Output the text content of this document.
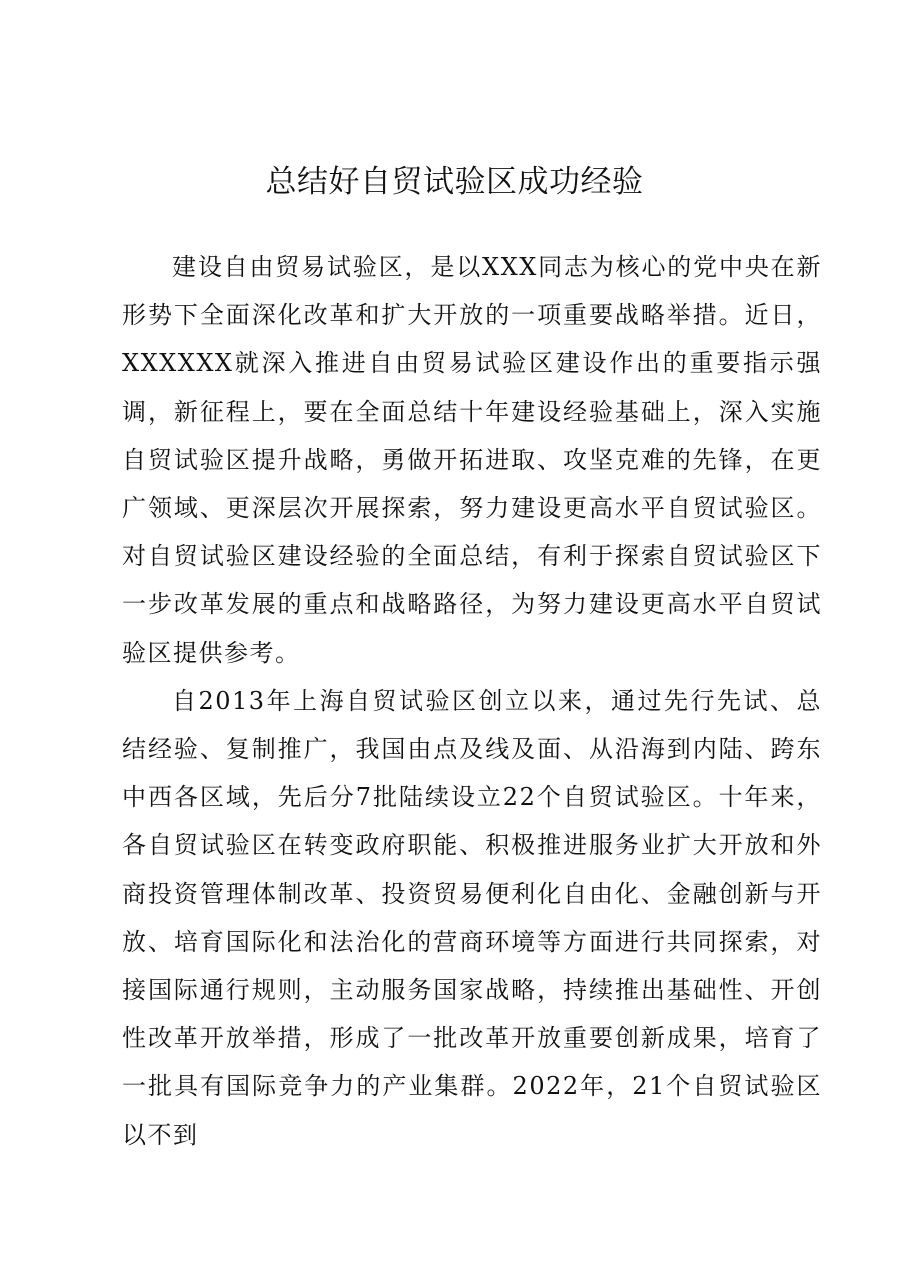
总结好自贸试验区成功经验

建设自由贸易试验区，是以XXX同志为核心的党中央在新形势下全面深化改革和扩大开放的一项重要战略举措。近日，XXXXXX就深入推进自由贸易试验区建设作出的重要指示强调，新征程上，要在全面总结十年建设经验基础上，深入实施自贸试验区提升战略，勇做开拓进取、攻坚克难的先锋，在更广领域、更深层次开展探索，努力建设更高水平自贸试验区。对自贸试验区建设经验的全面总结，有利于探索自贸试验区下一步改革发展的重点和战略路径，为努力建设更高水平自贸试验区提供参考。

自2013年上海自贸试验区创立以来，通过先行先试、总结经验、复制推广，我国由点及线及面、从沿海到内陆、跨东中西各区域，先后分7批陆续设立22个自贸试验区。十年来，各自贸试验区在转变政府职能、积极推进服务业扩大开放和外商投资管理体制改革、投资贸易便利化自由化、金融创新与开放、培育国际化和法治化的营商环境等方面进行共同探索，对接国际通行规则，主动服务国家战略，持续推出基础性、开创性改革开放举措，形成了一批改革开放重要创新成果，培育了一批具有国际竞争力的产业集群。2022年，21个自贸试验区以不到
